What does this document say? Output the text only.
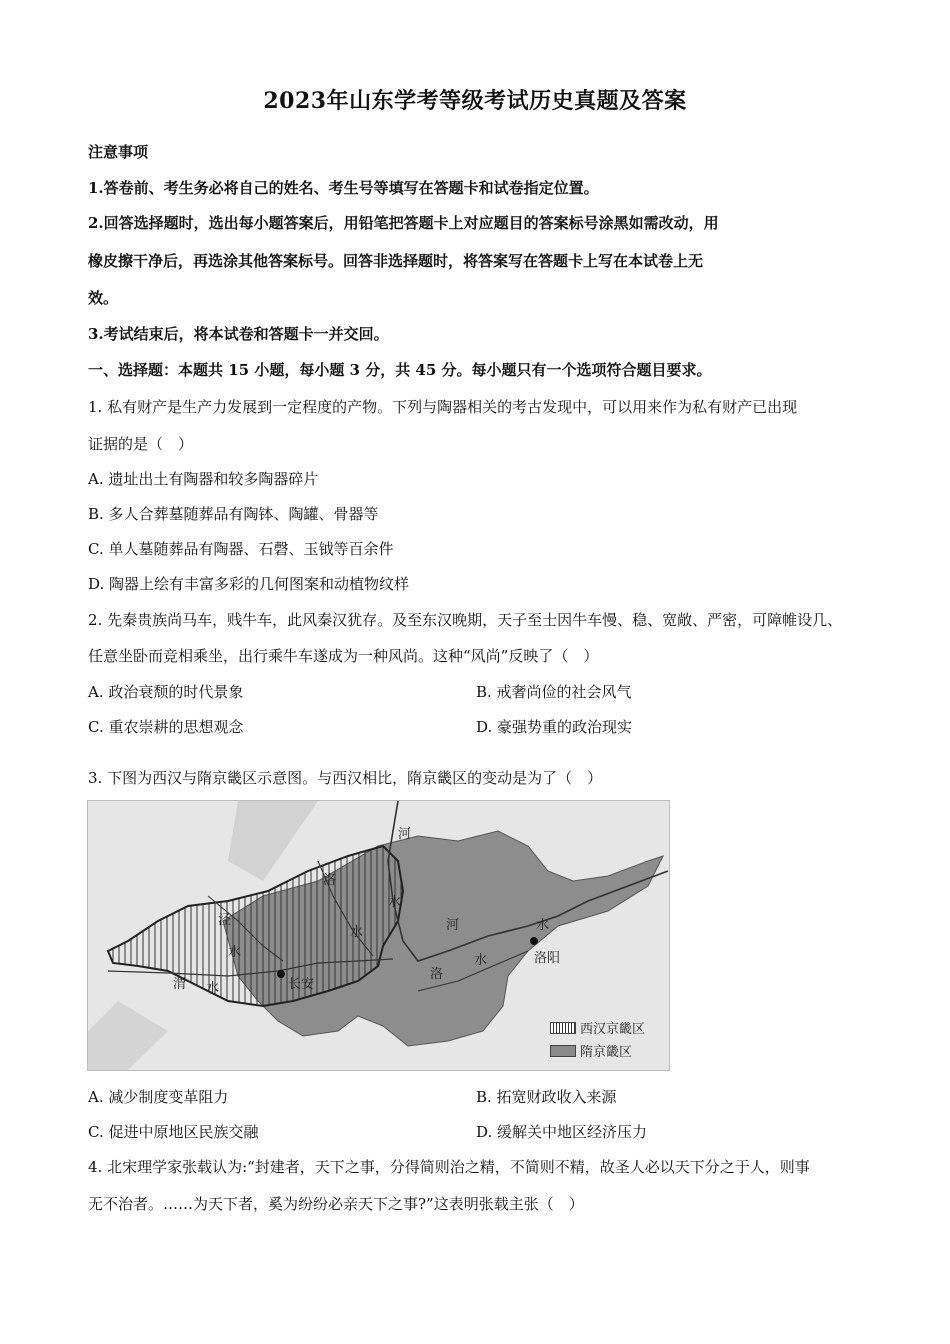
2023年山东学考等级考试历史真题及答案
注意事项
1.答卷前、考生务必将自己的姓名、考生号等填写在答题卡和试卷指定位置。
2.回答选择题时，选出每小题答案后，用铅笔把答题卡上对应题目的答案标号涂黑如需改动，用
橡皮擦干净后，再选涂其他答案标号。回答非选择题时，将答案写在答题卡上写在本试卷上无
效。
3.考试结束后，将本试卷和答题卡一并交回。
一、选择题：本题共 15 小题，每小题 3 分，共 45 分。每小题只有一个选项符合题目要求。
1. 私有财产是生产力发展到一定程度的产物。下列与陶器相关的考古发现中，可以用来作为私有财产已出现
证据的是（　）
A. 遗址出土有陶器和较多陶器碎片
B. 多人合葬墓随葬品有陶钵、陶罐、骨器等
C. 单人墓随葬品有陶器、石磬、玉钺等百余件
D. 陶器上绘有丰富多彩的几何图案和动植物纹样
2. 先秦贵族尚马车，贱牛车，此风秦汉犹存。及至东汉晚期，天子至士因牛车慢、稳、宽敞、严密，可障帷设几、
任意坐卧而竞相乘坐，出行乘牛车遂成为一种风尚。这种“风尚”反映了（　）
A. 政治衰颓的时代景象	B. 戒奢尚俭的社会风气
C. 重农崇耕的思想观念	D. 豪强势重的政治现实
3. 下图为西汉与隋京畿区示意图。与西汉相比，隋京畿区的变动是为了（　）
河
洛
水
泾
水
水
渭 水	长安
河	水
洛
水	洛阳
西汉京畿区
隋京畿区
A. 减少制度变革阻力	B. 拓宽财政收入来源
C. 促进中原地区民族交融	D. 缓解关中地区经济压力
4. 北宋理学家张载认为:“封建者，天下之事，分得简则治之精，不简则不精，故圣人必以天下分之于人，则事
无不治者。……为天下者，奚为纷纷必亲天下之事?”这表明张载主张（　）
